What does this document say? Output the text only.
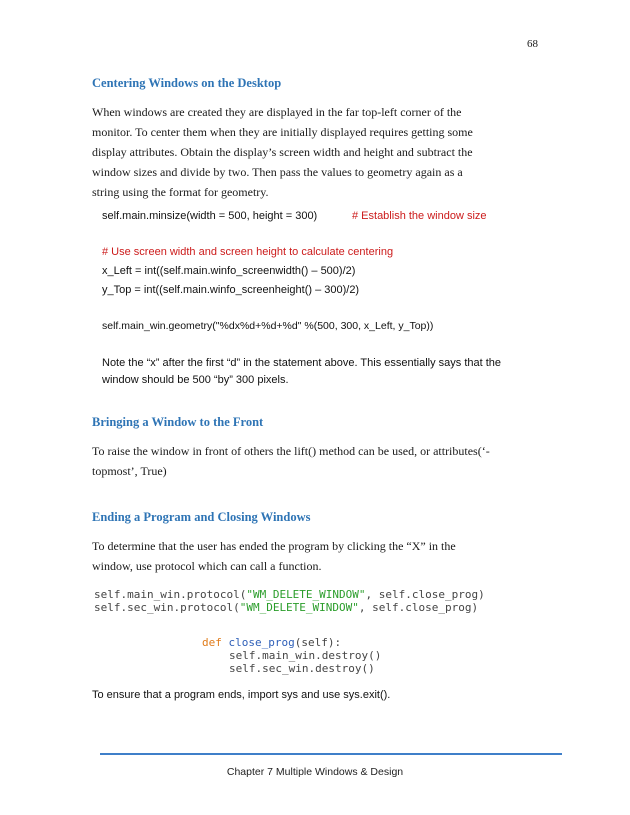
68
Centering Windows on the Desktop
When windows are created they are displayed in the far top-left corner of the
monitor. To center them when they are initially displayed requires getting some
display attributes. Obtain the display’s screen width and height and subtract the
window sizes and divide by two. Then pass the values to geometry again as a
string using the format for geometry.
self.main.minsize(width = 500, height = 300)	# Establish the window size
# Use screen width and screen height to calculate centering
x_Left = int((self.main.winfo_screenwidth() – 500)/2)
y_Top = int((self.main.winfo_screenheight() – 300)/2)
self.main_win.geometry("%dx%d+%d+%d" %(500, 300, x_Left, y_Top))
Note the “x” after the first “d” in the statement above. This essentially says that the
window should be 500 “by” 300 pixels.
Bringing a Window to the Front
To raise the window in front of others the lift() method can be used, or attributes(‘-
topmost’, True)
Ending a Program and Closing Windows
To determine that the user has ended the program by clicking the “X” in the
window, use protocol which can call a function.
self.main_win.protocol("WM_DELETE_WINDOW", self.close_prog)
self.sec_win.protocol("WM_DELETE_WINDOW", self.close_prog)
def close_prog(self):
self.main_win.destroy()
self.sec_win.destroy()
To ensure that a program ends, import sys and use sys.exit().
Chapter 7 Multiple Windows & Design
